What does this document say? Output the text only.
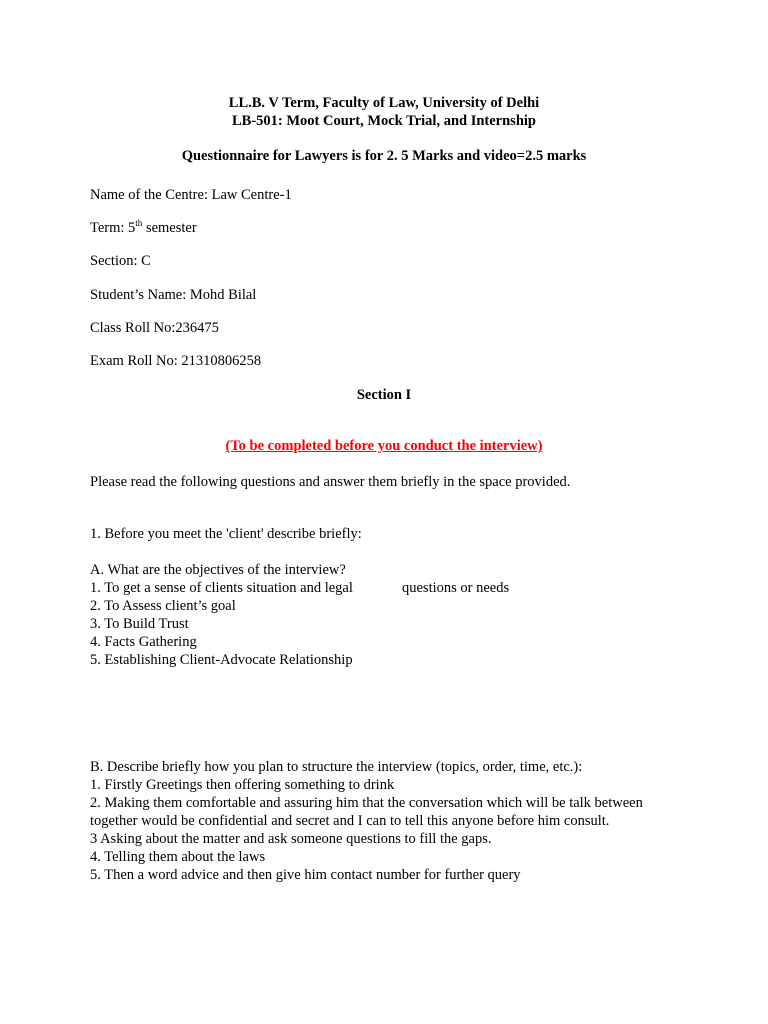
LL.B. V Term, Faculty of Law, University of Delhi
LB-501: Moot Court, Mock Trial, and Internship
Questionnaire for Lawyers is for 2. 5 Marks and video=2.5 marks
Name of the Centre: Law Centre-1
Term: 5th semester
Section: C
Student’s Name: Mohd Bilal
Class Roll No:236475
Exam Roll No: 21310806258
Section I
(To be completed before you conduct the interview)
Please read the following questions and answer them briefly in the space provided.
1. Before you meet the 'client' describe briefly:
A. What are the objectives of the interview?
1. To get a sense of clients situation and legal	questions or needs
2. To Assess client’s goal
3. To Build Trust
4. Facts Gathering
5. Establishing Client-Advocate Relationship
B. Describe briefly how you plan to structure the interview (topics, order, time, etc.):
1. Firstly Greetings then offering something to drink
2. Making them comfortable and assuring him that the conversation which will be talk between
together would be confidential and secret and I can to tell this anyone before him consult.
3 Asking about the matter and ask someone questions to fill the gaps.
4. Telling them about the laws
5. Then a word advice and then give him contact number for further query
